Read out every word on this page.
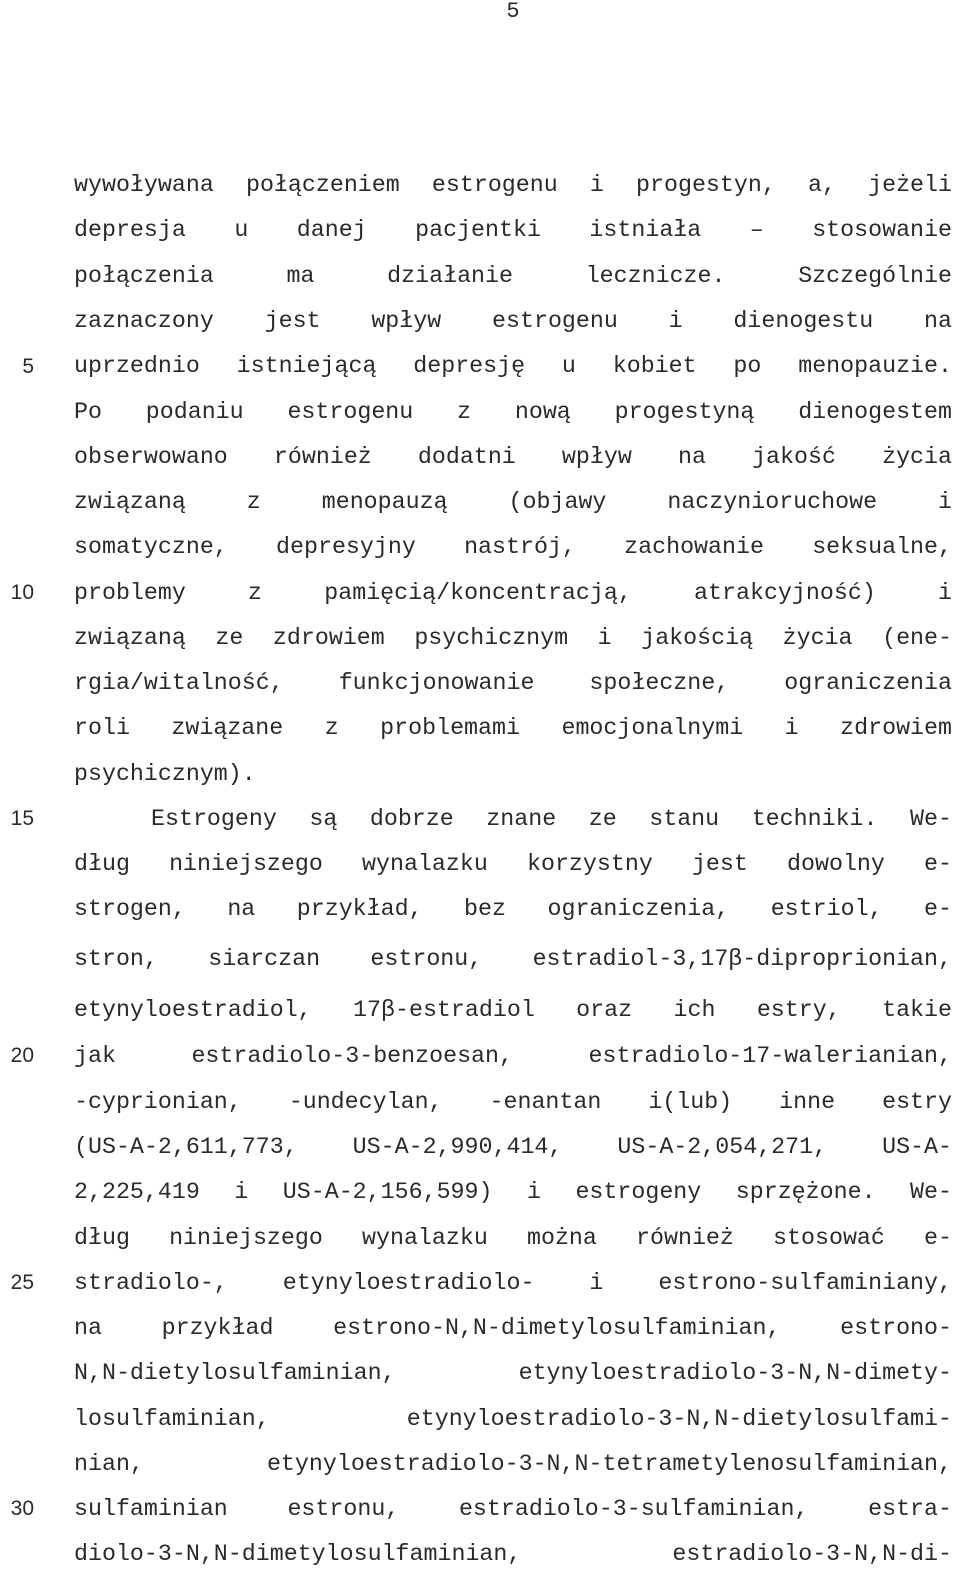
5
5
10
15
20
25
30
wywoływana połączeniem estrogenu i progestyn, a, jeżeli
depresja u danej pacjentki istniała – stosowanie
połączenia ma działanie lecznicze. Szczególnie
zaznaczony jest wpływ estrogenu i dienogestu na
uprzednio istniejącą depresję u kobiet po menopauzie.
Po podaniu estrogenu z nową progestyną dienogestem
obserwowano również dodatni wpływ na jakość życia
związaną z menopauzą (objawy naczynioruchowe i
somatyczne, depresyjny nastrój, zachowanie seksualne,
problemy z pamięcią/koncentracją, atrakcyjność) i
związaną ze zdrowiem psychicznym i jakością życia (ene-
rgia/witalność, funkcjonowanie społeczne, ograniczenia
roli związane z problemami emocjonalnymi i zdrowiem
psychicznym).
Estrogeny są dobrze znane ze stanu techniki. We-
dług niniejszego wynalazku korzystny jest dowolny e-
strogen, na przykład, bez ograniczenia, estriol, e-
stron, siarczan estronu, estradiol-3,17β-diproprionian,
etynyloestradiol, 17β-estradiol oraz ich estry, takie
jak estradiolo-3-benzoesan, estradiolo-17-walerianian,
-cyprionian, -undecylan, -enantan i(lub) inne estry
(US-A-2,611,773, US-A-2,990,414, US-A-2,054,271, US-A-
2,225,419 i US-A-2,156,599) i estrogeny sprzężone. We-
dług niniejszego wynalazku można również stosować e-
stradiolo-, etynyloestradiolo- i estrono-sulfaminiany,
na przykład estrono-N,N-dimetylosulfaminian, estrono-
N,N-dietylosulfaminian, etynyloestradiolo-3-N,N-dimety-
losulfaminian, etynyloestradiolo-3-N,N-dietylosulfami-
nian, etynyloestradiolo-3-N,N-tetrametylenosulfaminian,
sulfaminian estronu, estradiolo-3-sulfaminian, estra-
diolo-3-N,N-dimetylosulfaminian, estradiolo-3-N,N-di-
